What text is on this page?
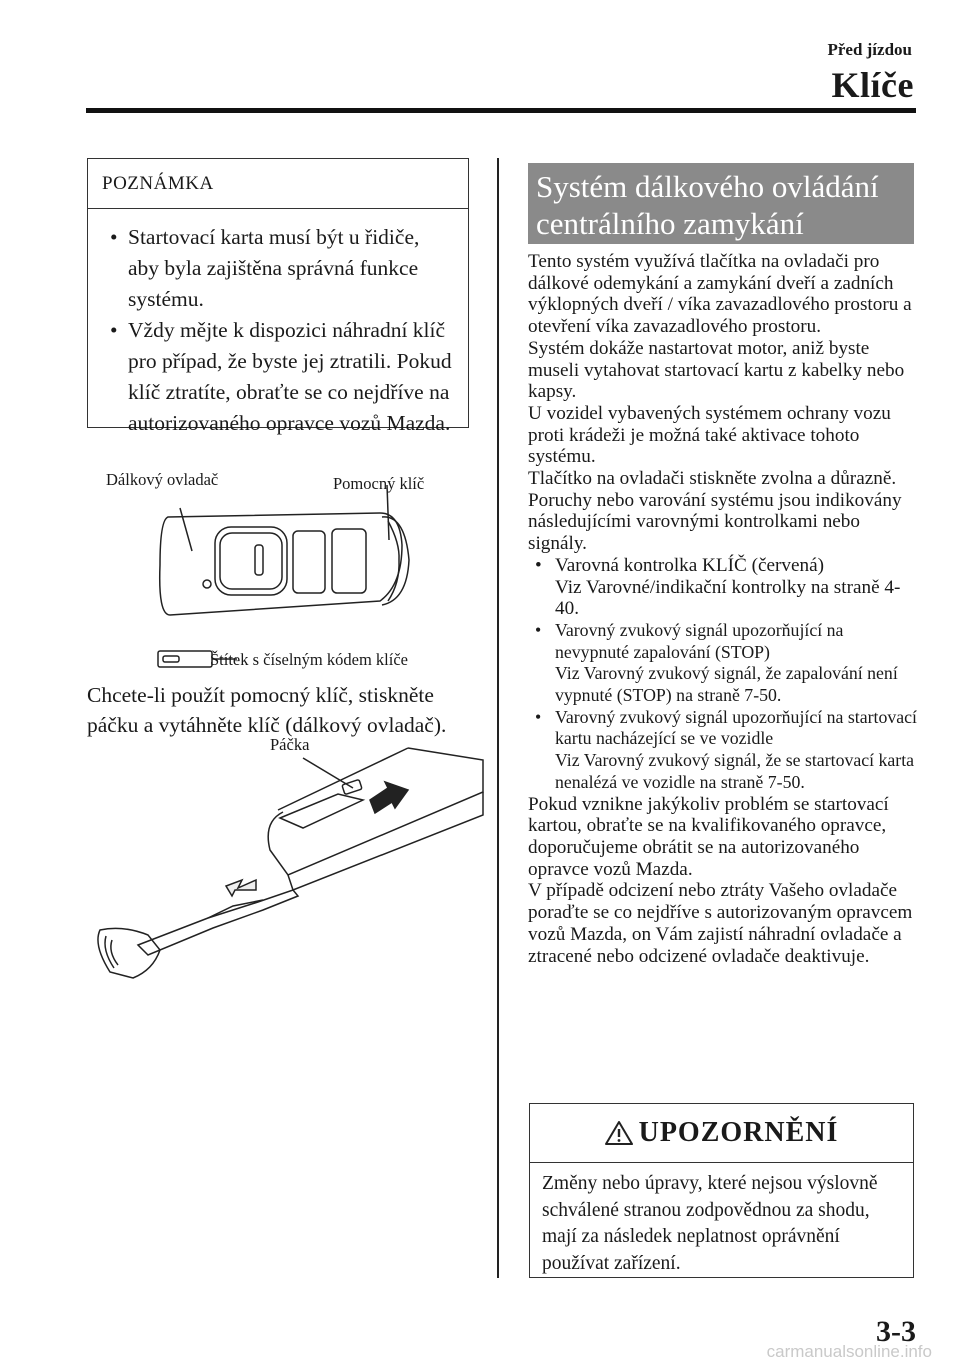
Před jízdou
Klíče
POZNÁMKA
• Startovací karta musí být u řidiče, aby byla zajištěna správná funkce systému.
• Vždy mějte k dispozici náhradní klíč pro případ, že byste jej ztratili. Pokud klíč ztratíte, obraťte se co nejdříve na autorizovaného opravce vozů Mazda.
Dálkový ovladač	Pomocný klíč
Štítek s číselným kódem klíče
Chcete-li použít pomocný klíč, stiskněte páčku a vytáhněte klíč (dálkový ovladač).
Páčka
Systém dálkového ovládání centrálního zamykání

Tento systém využívá tlačítka na ovladači pro dálkové odemykání a zamykání dveří a zadních výklopných dveří / víka zavazadlového prostoru a otevření víka zavazadlového prostoru.

Systém dokáže nastartovat motor, aniž byste museli vytahovat startovací kartu z kabelky nebo kapsy.

U vozidel vybavených systémem ochrany vozu proti krádeži je možná také aktivace tohoto systému.

Tlačítko na ovladači stiskněte zvolna a důrazně.

Poruchy nebo varování systému jsou indikovány následujícími varovnými kontrolkami nebo signály.

• Varovná kontrolka KLÍČ (červená)
Viz Varovné/indikační kontrolky na straně 4-40.
• Varovný zvukový signál upozorňující na nevypnuté zapalování (STOP)
Viz Varovný zvukový signál, že zapalování není vypnuté (STOP) na straně 7-50.
• Varovný zvukový signál upozorňující na startovací kartu nacházející se ve vozidle
Viz Varovný zvukový signál, že se startovací karta nenalézá ve vozidle na straně 7-50.

Pokud vznikne jakýkoliv problém se startovací kartou, obraťte se na kvalifikovaného opravce, doporučujeme obrátit se na autorizovaného opravce vozů Mazda.

V případě odcizení nebo ztráty Vašeho ovladače poraďte se co nejdříve s autorizovaným opravcem vozů Mazda, on Vám zajistí náhradní ovladače a ztracené nebo odcizené ovladače deaktivuje.

UPOZORNĚNÍ
Změny nebo úpravy, které nejsou výslovně schválené stranou zodpovědnou za shodu, mají za následek neplatnost oprávnění používat zařízení.
3-3
carmanualsonline.info
